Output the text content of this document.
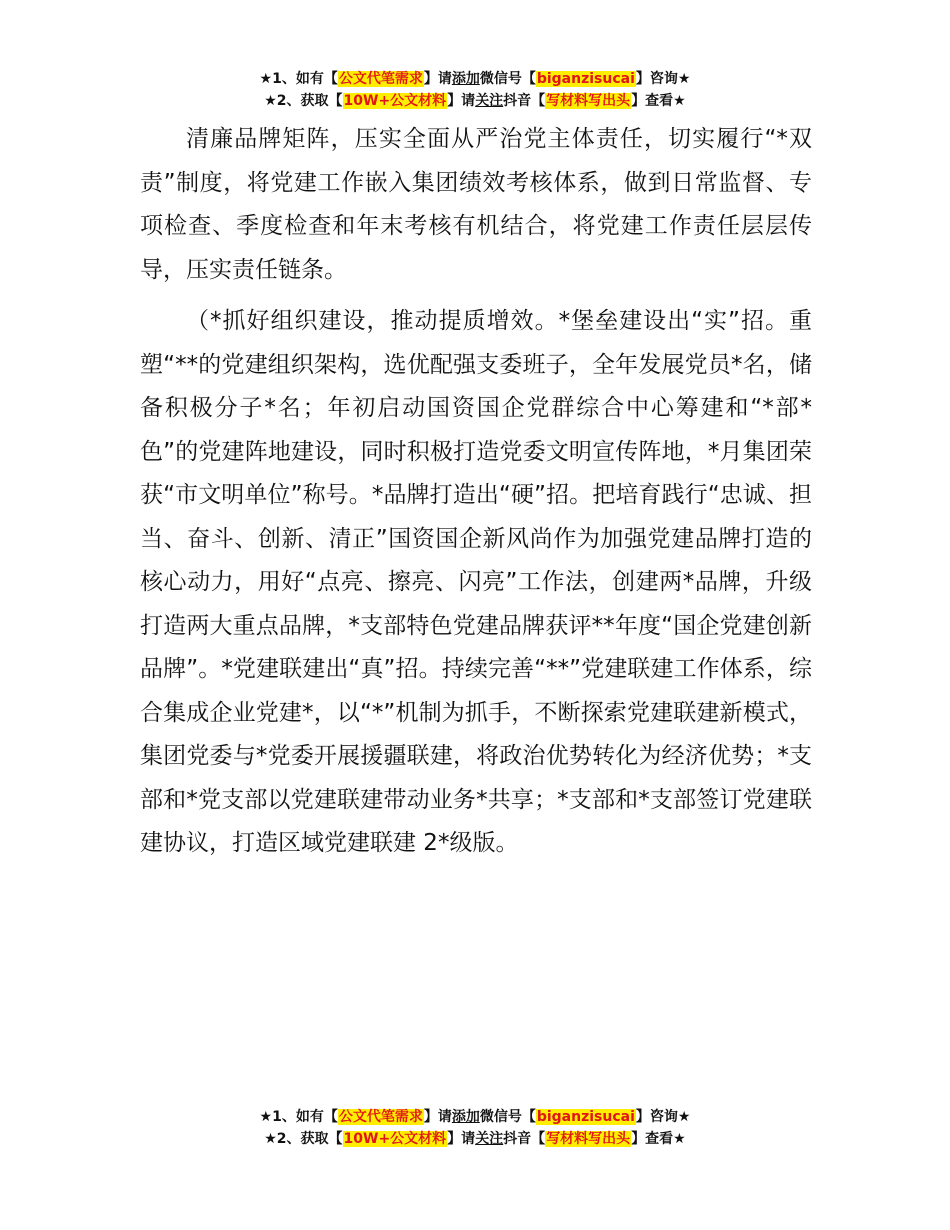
★1、如有【公文代笔需求】请添加微信号【biganzisucai】咨询★
★2、获取【10W+公文材料】请关注抖音【写材料写出头】查看★

清廉品牌矩阵，压实全面从严治党主体责任，切实履行“*双责”制度，将党建工作嵌入集团绩效考核体系，做到日常监督、专项检查、季度检查和年末考核有机结合，将党建工作责任层层传导，压实责任链条。

（*抓好组织建设，推动提质增效。*堡垒建设出“实”招。重塑“**的党建组织架构，选优配强支委班子，全年发展党员*名，储备积极分子*名；年初启动国资国企党群综合中心筹建和“*部*色”的党建阵地建设，同时积极打造党委文明宣传阵地，*月集团荣获“市文明单位”称号。*品牌打造出“硬”招。把培育践行“忠诚、担当、奋斗、创新、清正”国资国企新风尚作为加强党建品牌打造的核心动力，用好“点亮、擦亮、闪亮”工作法，创建两*品牌，升级打造两大重点品牌，*支部特色党建品牌获评**年度“国企党建创新品牌”。*党建联建出“真”招。持续完善“**”党建联建工作体系，综合集成企业党建*，以“*”机制为抓手，不断探索党建联建新模式，集团党委与*党委开展援疆联建，将政治优势转化为经济优势；*支部和*党支部以党建联建带动业务*共享；*支部和*支部签订党建联建协议，打造区域党建联建 2*级版。

★1、如有【公文代笔需求】请添加微信号【biganzisucai】咨询★
★2、获取【10W+公文材料】请关注抖音【写材料写出头】查看★
